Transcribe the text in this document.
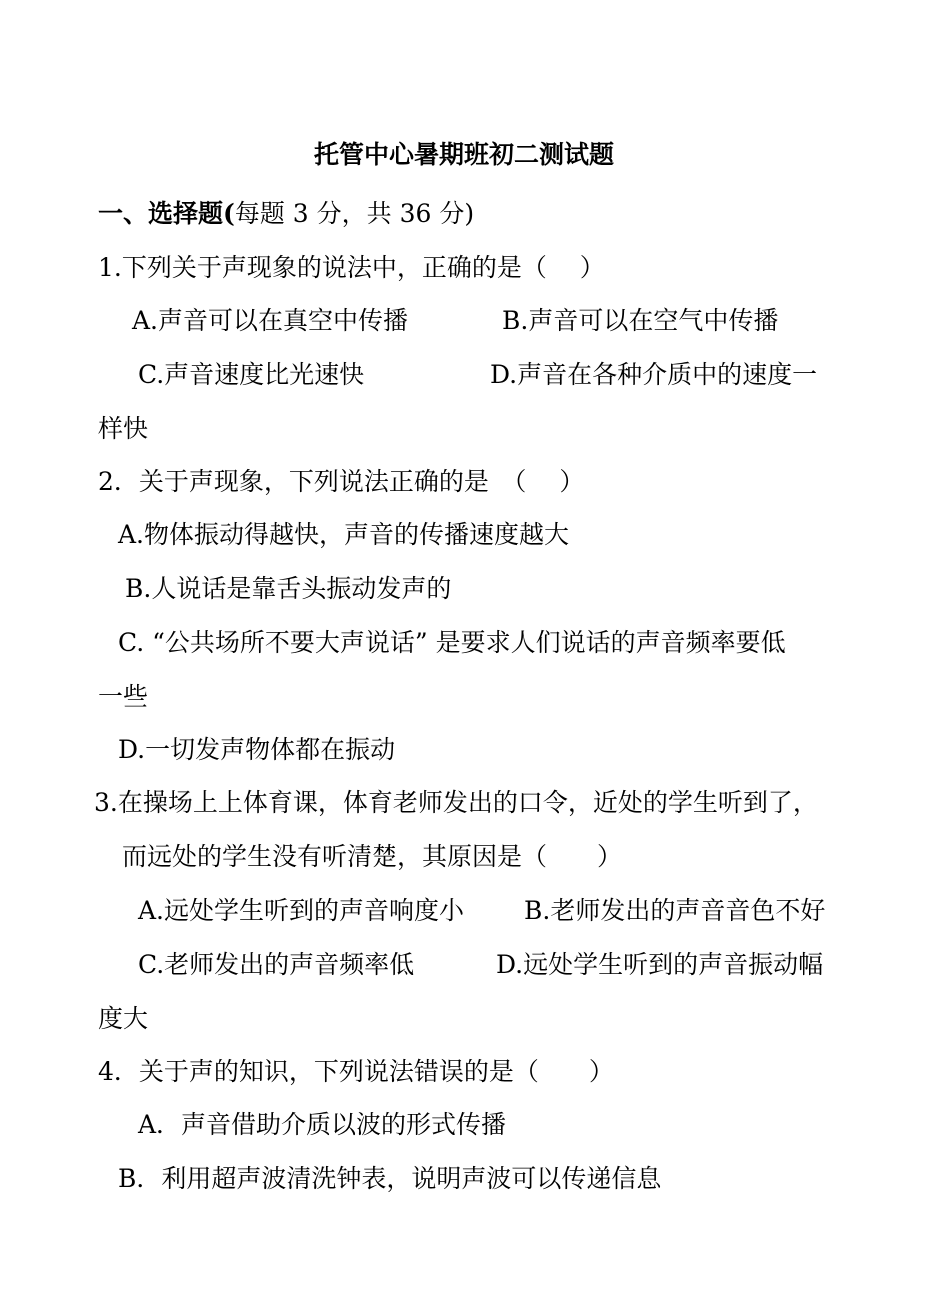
托管中心暑期班初二测试题
一、选择题(每题 3 分，共 36 分)
1.下列关于声现象的说法中，正确的是（　 ）
A.声音可以在真空中传播	B.声音可以在空气中传播
C.声音速度比光速快	D.声音在各种介质中的速度一
样快
2．关于声现象，下列说法正确的是　（　 ）
A.物体振动得越快，声音的传播速度越大
B.人说话是靠舌头振动发声的
C. “公共场所不要大声说话” 是要求人们说话的声音频率要低
一些
D.一切发声物体都在振动
3.在操场上上体育课，体育老师发出的口令，近处的学生听到了，
而远处的学生没有听清楚，其原因是（　　）
A.远处学生听到的声音响度小 B.老师发出的声音音色不好
C.老师发出的声音频率低	D.远处学生听到的声音振动幅
度大
4．关于声的知识，下列说法错误的是（　　）
A．声音借助介质以波的形式传播
B．利用超声波清洗钟表，说明声波可以传递信息
